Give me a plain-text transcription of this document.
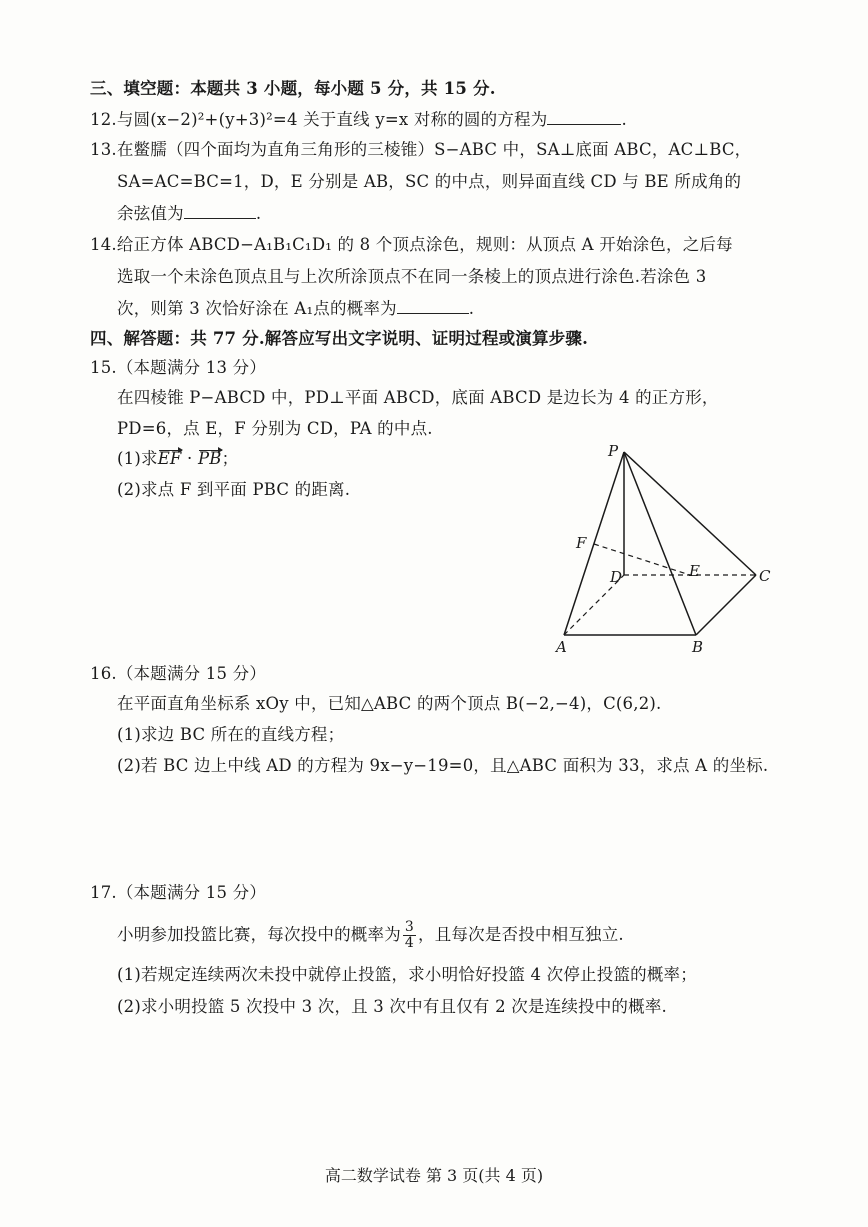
三、填空题：本题共 3 小题，每小题 5 分，共 15 分.
12.与圆(x−2)²+(y+3)²=4 关于直线 y=x 对称的圆的方程为	.
13.在鳖臑（四个面均为直角三角形的三棱锥）S−ABC 中，SA⊥底面 ABC，AC⊥BC，
SA=AC=BC=1，D，E 分别是 AB，SC 的中点，则异面直线 CD 与 BE 所成角的
余弦值为	.
14.给正方体 ABCD−A₁B₁C₁D₁ 的 8 个顶点涂色，规则：从顶点 A 开始涂色，之后每
选取一个未涂色顶点且与上次所涂顶点不在同一条棱上的顶点进行涂色.若涂色 3
次，则第 3 次恰好涂在 A₁点的概率为	.
四、解答题：共 77 分.解答应写出文字说明、证明过程或演算步骤.
15.（本题满分 13 分）
在四棱锥 P−ABCD 中，PD⊥平面 ABCD，底面 ABCD 是边长为 4 的正方形，
PD=6，点 E，F 分别为 CD，PA 的中点.
(1)求EF · PB；
(2)求点 F 到平面 PBC 的距离.
P
F
D	E	C
A	B
16.（本题满分 15 分）
在平面直角坐标系 xOy 中，已知△ABC 的两个顶点 B(−2,−4)，C(6,2).
(1)求边 BC 所在的直线方程；
(2)若 BC 边上中线 AD 的方程为 9x−y−19=0，且△ABC 面积为 33，求点 A 的坐标.
17.（本题满分 15 分）
小明参加投篮比赛，每次投中的概率为 $\frac{3}{4}$ ，且每次是否投中相互独立.
(1)若规定连续两次未投中就停止投篮，求小明恰好投篮 4 次停止投篮的概率；
(2)求小明投篮 5 次投中 3 次，且 3 次中有且仅有 2 次是连续投中的概率.
高二数学试卷 第 3 页(共 4 页)
